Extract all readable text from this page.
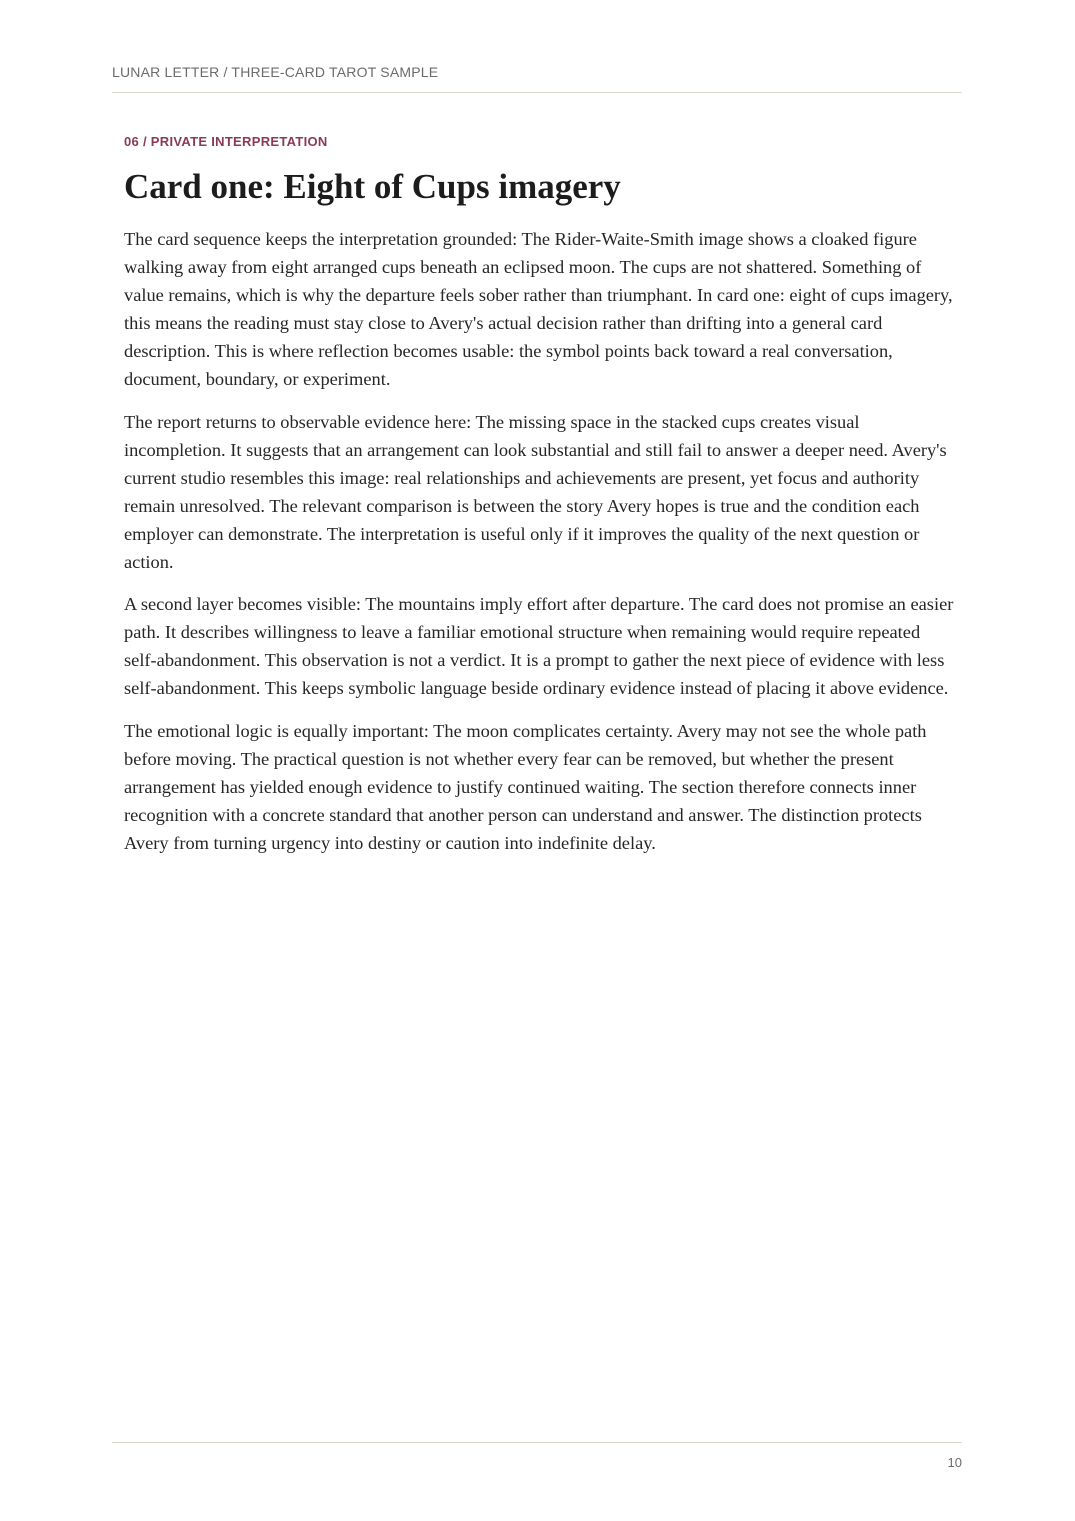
LUNAR LETTER / THREE-CARD TAROT SAMPLE

06 / PRIVATE INTERPRETATION

Card one: Eight of Cups imagery

The card sequence keeps the interpretation grounded: The Rider-Waite-Smith image shows a cloaked figure walking away from eight arranged cups beneath an eclipsed moon. The cups are not shattered. Something of value remains, which is why the departure feels sober rather than triumphant. In card one: eight of cups imagery, this means the reading must stay close to Avery's actual decision rather than drifting into a general card description. This is where reflection becomes usable: the symbol points back toward a real conversation, document, boundary, or experiment.

The report returns to observable evidence here: The missing space in the stacked cups creates visual incompletion. It suggests that an arrangement can look substantial and still fail to answer a deeper need. Avery's current studio resembles this image: real relationships and achievements are present, yet focus and authority remain unresolved. The relevant comparison is between the story Avery hopes is true and the condition each employer can demonstrate. The interpretation is useful only if it improves the quality of the next question or action.

A second layer becomes visible: The mountains imply effort after departure. The card does not promise an easier path. It describes willingness to leave a familiar emotional structure when remaining would require repeated self-abandonment. This observation is not a verdict. It is a prompt to gather the next piece of evidence with less self-abandonment. This keeps symbolic language beside ordinary evidence instead of placing it above evidence.

The emotional logic is equally important: The moon complicates certainty. Avery may not see the whole path before moving. The practical question is not whether every fear can be removed, but whether the present arrangement has yielded enough evidence to justify continued waiting. The section therefore connects inner recognition with a concrete standard that another person can understand and answer. The distinction protects Avery from turning urgency into destiny or caution into indefinite delay.

10
